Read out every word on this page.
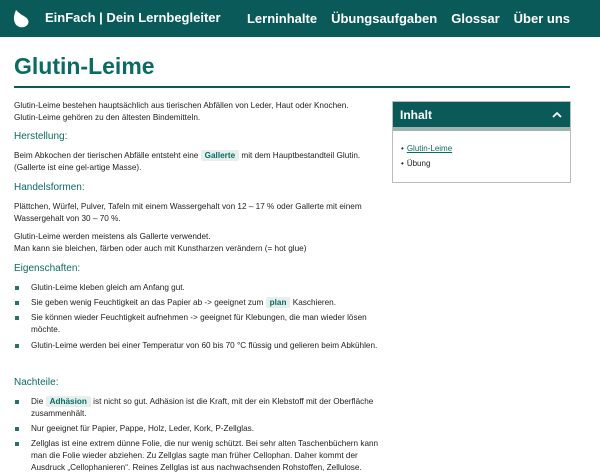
EinFach | Dein Lernbegleiter Lerninhalte Übungsaufgaben Glossar Über uns
Glutin-Leime

Glutin-Leime bestehen hauptsächlich aus tierischen Abfällen von Leder, Haut oder Knochen.

Glutin-Leime gehören zu den ältesten Bindemitteln.

Herstellung:

Beim Abkochen der tierischen Abfälle entsteht eine Gallerte mit dem Hauptbestandteil Glutin. (Gallerte ist eine gel-artige Masse).

Handelsformen:

Plättchen, Würfel, Pulver, Tafeln mit einem Wassergehalt von 12 – 17 % oder Gallerte mit einem Wassergehalt von 30 – 70 %.

Glutin-Leime werden meistens als Gallerte verwendet.

Man kann sie bleichen, färben oder auch mit Kunstharzen verändern (= hot glue)

Eigenschaften:
Glutin-Leime kleben gleich am Anfang gut.
Sie geben wenig Feuchtigkeit an das Papier ab -> geeignet zum plan Kaschieren.
Sie können wieder Feuchtigkeit aufnehmen -> geeignet für Klebungen, die man wieder lösen möchte.
Glutin-Leime werden bei einer Temperatur von 60 bis 70 °C flüssig und gelieren beim Abkühlen.
Nachteile:
Die Adhäsion ist nicht so gut. Adhäsion ist die Kraft, mit der ein Klebstoff mit der Oberfläche zusammenhält.
Nur geeignet für Papier, Pappe, Holz, Leder, Kork, P-Zellglas.
Zellglas ist eine extrem dünne Folie, die nur wenig schützt. Bei sehr alten Taschenbüchern kann man die Folie wieder abziehen. Zu Zellglas sagte man früher Cellophan. Daher kommt der Ausdruck „Cellophanieren“. Reines Zellglas ist aus nachwachsenden Rohstoffen, Zellulose.
Inhalt
• Glutin-Leime
• Übung
